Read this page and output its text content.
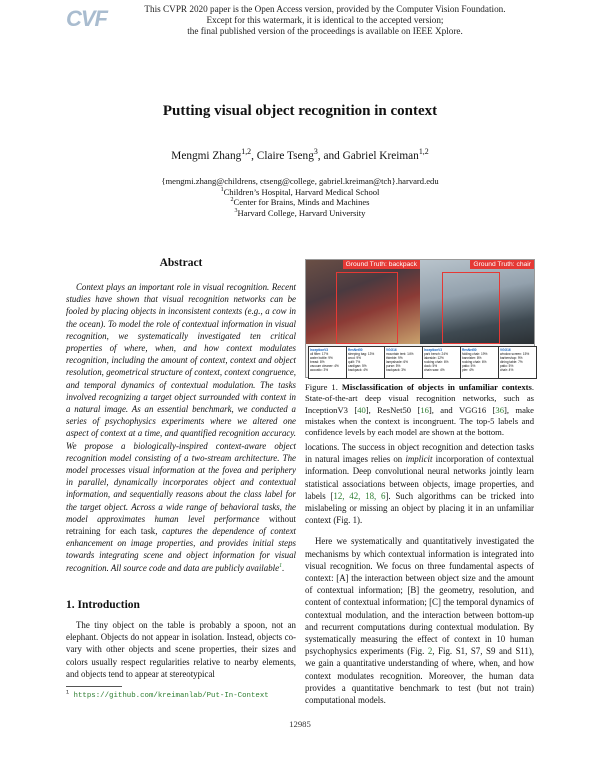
CVF	This CVPR 2020 paper is the Open Access version, provided by the Computer Vision Foundation.
Except for this watermark, it is identical to the accepted version;
the final published version of the proceedings is available on IEEE Xplore.
Putting visual object recognition in context
Mengmi Zhang$^{1,2}$, Claire Tseng$^3$, and Gabriel Kreiman$^{1,2}$
{mengmi.zhang@childrens, ctseng@college, gabriel.kreiman@tch}.harvard.edu
$^1$Children’s Hospital, Harvard Medical School
$^2$Center for Brains, Minds and Machines
$^3$Harvard College, Harvard University
Abstract

Context plays an important role in visual recognition. Recent studies have shown that visual recognition networks can be fooled by placing objects in inconsistent contexts (e.g., a cow in the ocean). To model the role of contextual information in visual recognition, we systematically investigated ten critical properties of where, when, and how context modulates recognition, including the amount of context, context and object resolution, geometrical structure of context, context congruence, and temporal dynamics of contextual modulation. The tasks involved recognizing a target object surrounded with context in a natural image. As an essential benchmark, we conducted a series of psychophysics experiments where we altered one aspect of context at a time, and quantified recognition accuracy. We propose a biologically-inspired context-aware object recognition model consisting of a two-stream architecture. The model processes visual information at the fovea and periphery in parallel, dynamically incorporates object and contextual information, and sequentially reasons about the class label for the target object. Across a wide range of behavioral tasks, the model approximates human level performance without retraining for each task, captures the dependence of context enhancement on image properties, and provides initial steps towards integrating scene and object information for visual recognition. All source code and data are publicly available$^1$.

1. Introduction

The tiny object on the table is probably a spoon, not an elephant. Objects do not appear in isolation. Instead, objects co-vary with other objects and scene properties, their sizes and colors usually respect regularities relative to nearby elements, and objects tend to appear at stereotypical

$^1$ https://github.com/kreimanlab/Put-In-Context
Ground Truth: backpack	Ground Truth: chair
InceptionV3
oil filter: 17%
water bottle: 9%
bread: 8%
vacuum cleaner: 4%
acoustic: 3%
ResNet50
sleeping bag: 13%
wool: 9%
quilt: 7%
cardigan: 5%
backpack: 4%
VGG16
mountain tent: 14%
thimble: 9%
lampshade: 6%
purse: 5%
backpack: 3%
InceptionV3
park bench: 24%
lakeside: 12%
rocking chair: 6%
dock: 5%
chain saw: 4%
ResNet50
folding chair: 19%
bannister: 8%
rocking chair: 6%
patio: 5%
pier: 4%
VGG16
window screen: 15%
barbershop: 9%
dining table: 7%
patio: 5%
chair: 4%

Figure 1. Misclassification of objects in unfamiliar contexts. State-of-the-art deep visual recognition networks, such as InceptionV3 [40], ResNet50 [16], and VGG16 [36], make mistakes when the context is incongruent. The top-5 labels and confidence levels by each model are shown at the bottom.

locations. The success in object recognition and detection tasks in natural images relies on implicit incorporation of contextual information. Deep convolutional neural networks jointly learn statistical associations between objects, image properties, and labels [12, 42, 18, 6]. Such algorithms can be tricked into mislabeling or missing an object by placing it in an unfamiliar context (Fig. 1).

Here we systematically and quantitatively investigated the mechanisms by which contextual information is integrated into visual recognition. We focus on three fundamental aspects of context: [A] the interaction between object size and the amount of contextual information; [B] the geometry, resolution, and content of contextual information; [C] the temporal dynamics of contextual modulation, and the interaction between bottom-up and recurrent computations during contextual modulation. By systematically measuring the effect of context in 10 human psychophysics experiments (Fig. 2, Fig. S1, S7, S9 and S11), we gain a quantitative understanding of where, when, and how context modulates recognition. Moreover, the human data provides a quantitative benchmark to test (but not train) computational models.

12985
